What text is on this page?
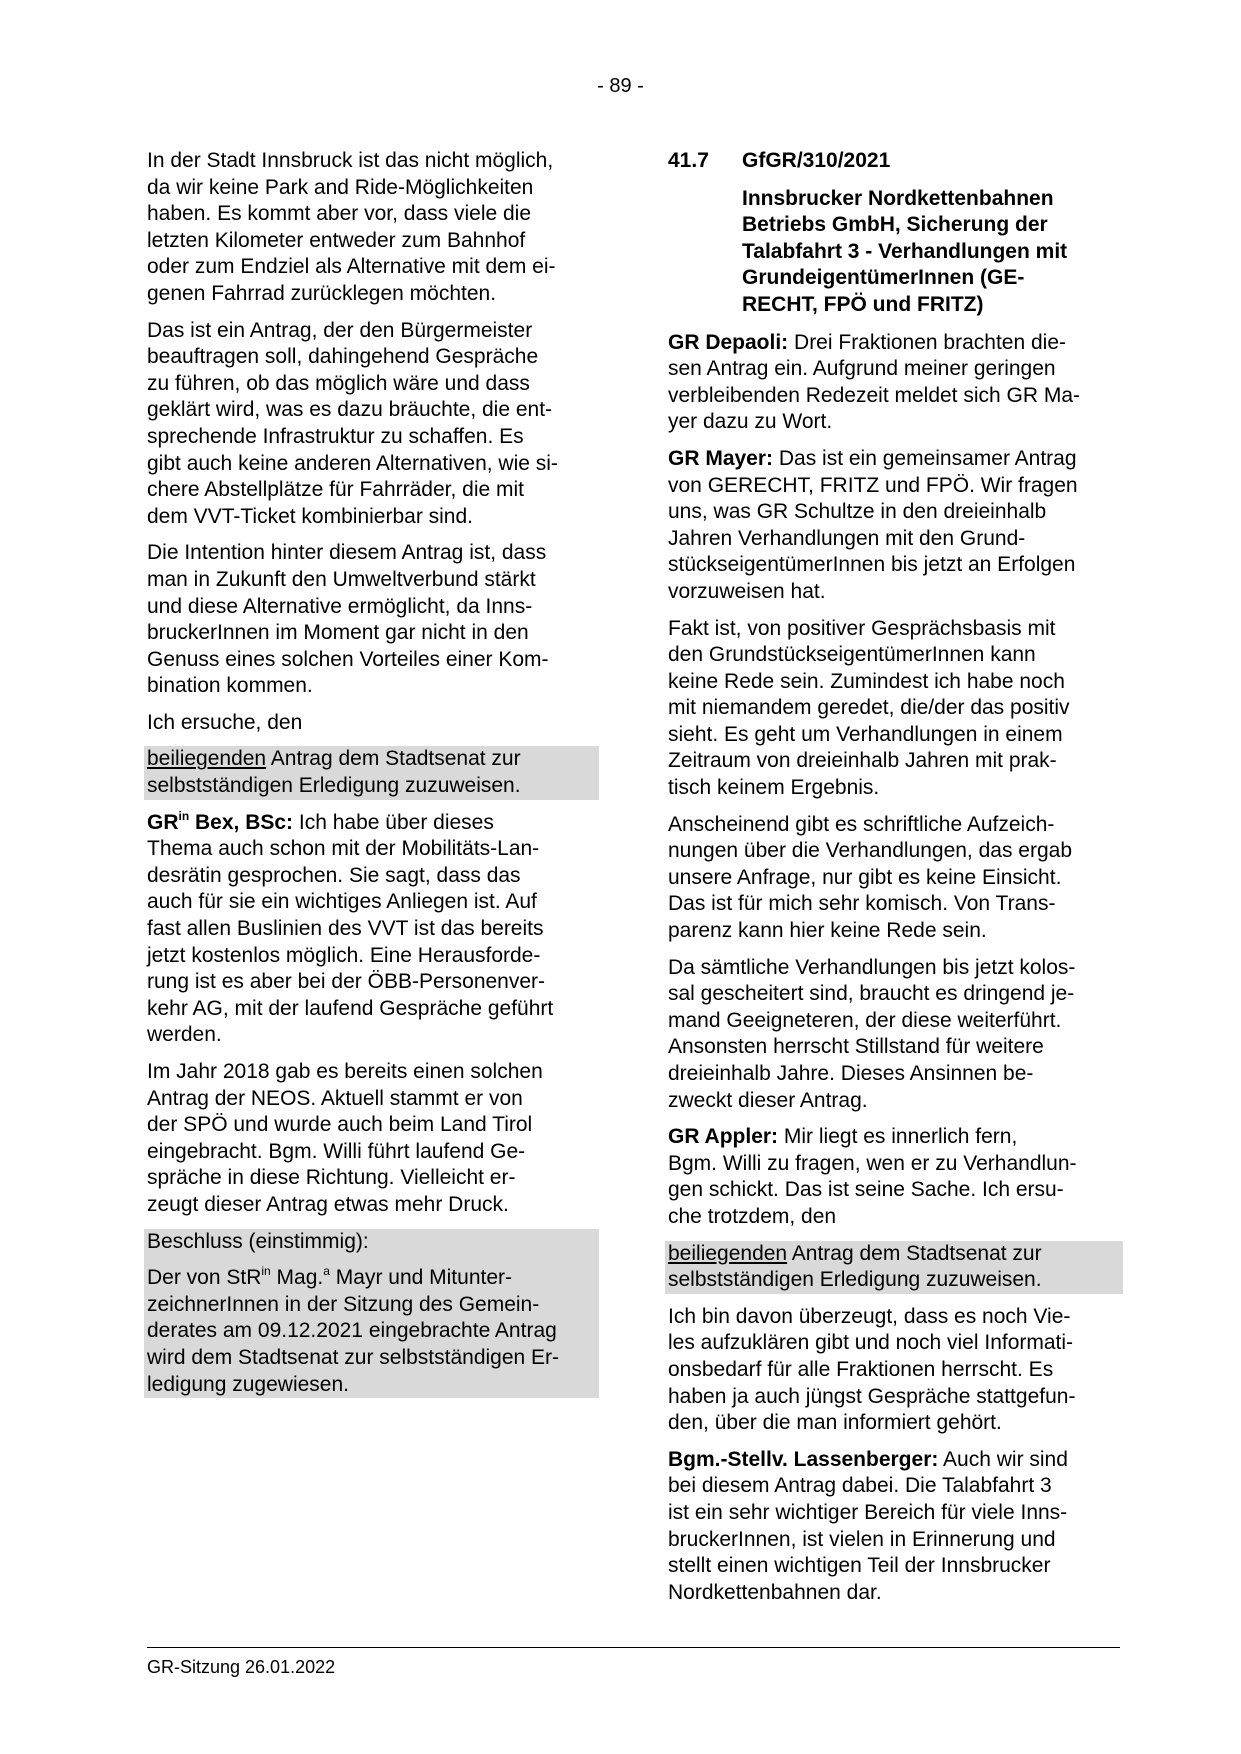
- 89 -
In der Stadt Innsbruck ist das nicht möglich,
da wir keine Park and Ride-Möglichkeiten
haben. Es kommt aber vor, dass viele die
letzten Kilometer entweder zum Bahnhof
oder zum Endziel als Alternative mit dem ei-
genen Fahrrad zurücklegen möchten.
Das ist ein Antrag, der den Bürgermeister
beauftragen soll, dahingehend Gespräche
zu führen, ob das möglich wäre und dass
geklärt wird, was es dazu bräuchte, die ent-
sprechende Infrastruktur zu schaffen. Es
gibt auch keine anderen Alternativen, wie si-
chere Abstellplätze für Fahrräder, die mit
dem VVT-Ticket kombinierbar sind.
Die Intention hinter diesem Antrag ist, dass
man in Zukunft den Umweltverbund stärkt
und diese Alternative ermöglicht, da Inns-
bruckerInnen im Moment gar nicht in den
Genuss eines solchen Vorteiles einer Kom-
bination kommen.
Ich ersuche, den
beiliegenden Antrag dem Stadtsenat zur
selbstständigen Erledigung zuzuweisen.
$GR^{in}$ Bex, BSc: Ich habe über dieses
Thema auch schon mit der Mobilitäts-Lan-
desrätin gesprochen. Sie sagt, dass das
auch für sie ein wichtiges Anliegen ist. Auf
fast allen Buslinien des VVT ist das bereits
jetzt kostenlos möglich. Eine Herausforde-
rung ist es aber bei der ÖBB-Personenver-
kehr AG, mit der laufend Gespräche geführt
werden.
Im Jahr 2018 gab es bereits einen solchen
Antrag der NEOS. Aktuell stammt er von
der SPÖ und wurde auch beim Land Tirol
eingebracht. Bgm. Willi führt laufend Ge-
spräche in diese Richtung. Vielleicht er-
zeugt dieser Antrag etwas mehr Druck.
Beschluss (einstimmig):
Der von StR$^{in}$ Mag.$^a$ Mayr und Mitunter-
zeichnerInnen in der Sitzung des Gemein-
derates am 09.12.2021 eingebrachte Antrag
wird dem Stadtsenat zur selbstständigen Er-
ledigung zugewiesen.
41.7	GfGR/310/2021
Innsbrucker Nordkettenbahnen
Betriebs GmbH, Sicherung der
Talabfahrt 3 - Verhandlungen mit
GrundeigentümerInnen (GE-
RECHT, FPÖ und FRITZ)
GR Depaoli: Drei Fraktionen brachten die-
sen Antrag ein. Aufgrund meiner geringen
verbleibenden Redezeit meldet sich GR Ma-
yer dazu zu Wort.
GR Mayer: Das ist ein gemeinsamer Antrag
von GERECHT, FRITZ und FPÖ. Wir fragen
uns, was GR Schultze in den dreieinhalb
Jahren Verhandlungen mit den Grund-
stückseigentümerInnen bis jetzt an Erfolgen
vorzuweisen hat.
Fakt ist, von positiver Gesprächsbasis mit
den GrundstückseigentümerInnen kann
keine Rede sein. Zumindest ich habe noch
mit niemandem geredet, die/der das positiv
sieht. Es geht um Verhandlungen in einem
Zeitraum von dreieinhalb Jahren mit prak-
tisch keinem Ergebnis.
Anscheinend gibt es schriftliche Aufzeich-
nungen über die Verhandlungen, das ergab
unsere Anfrage, nur gibt es keine Einsicht.
Das ist für mich sehr komisch. Von Trans-
parenz kann hier keine Rede sein.
Da sämtliche Verhandlungen bis jetzt kolos-
sal gescheitert sind, braucht es dringend je-
mand Geeigneteren, der diese weiterführt.
Ansonsten herrscht Stillstand für weitere
dreieinhalb Jahre. Dieses Ansinnen be-
zweckt dieser Antrag.
GR Appler: Mir liegt es innerlich fern,
Bgm. Willi zu fragen, wen er zu Verhandlun-
gen schickt. Das ist seine Sache. Ich ersu-
che trotzdem, den
beiliegenden Antrag dem Stadtsenat zur
selbstständigen Erledigung zuzuweisen.
Ich bin davon überzeugt, dass es noch Vie-
les aufzuklären gibt und noch viel Informati-
onsbedarf für alle Fraktionen herrscht. Es
haben ja auch jüngst Gespräche stattgefun-
den, über die man informiert gehört.
Bgm.-Stellv. Lassenberger: Auch wir sind
bei diesem Antrag dabei. Die Talabfahrt 3
ist ein sehr wichtiger Bereich für viele Inns-
bruckerInnen, ist vielen in Erinnerung und
stellt einen wichtigen Teil der Innsbrucker
Nordkettenbahnen dar.
GR-Sitzung 26.01.2022
